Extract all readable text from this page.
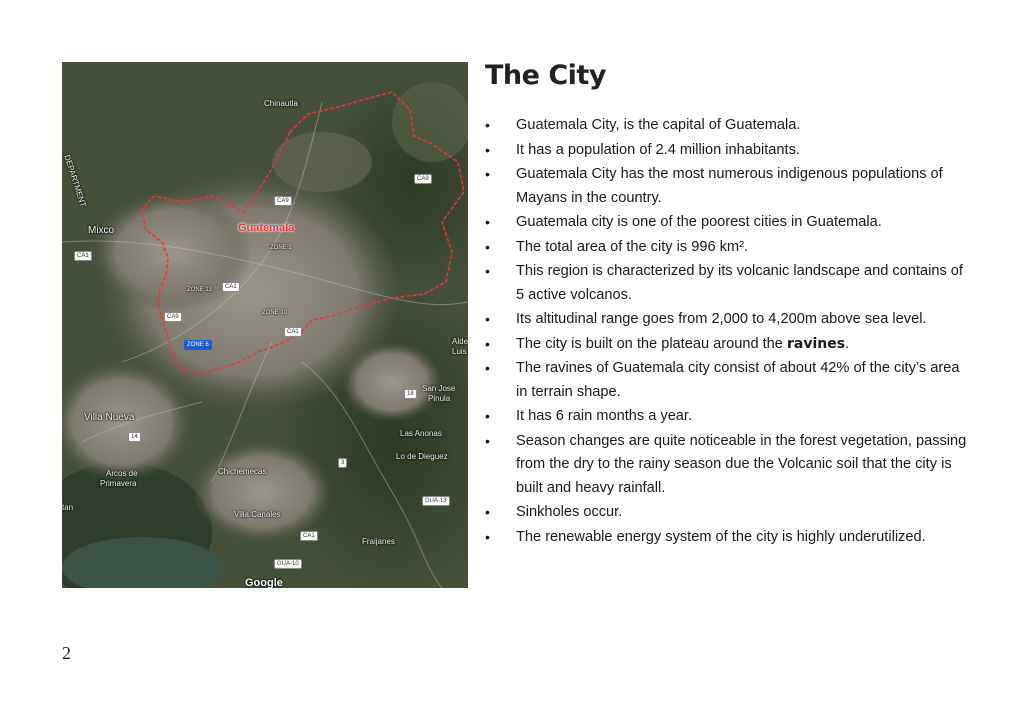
Chinautla
Mixco	Guatemala
ZONE 1
ZONE 13
ZONE 10
ZONE 6
Villa Nueva
Las Anonas
Lo de Dieguez
Chichemecas
Arcos de
Primavera
Villa Canales
Fraijanes
San Jose
Pinula
Alde
Luis
DEPARTMENT
tan
Google
CA9
CA9
CA9
CA1
CA1
CA1
CA1
14
18
3
GUA-13
GUA-10
The City
• Guatemala City, is the capital of Guatemala.
• It has a population of 2.4 million inhabitants.
• Guatemala City has the most numerous indigenous populations of Mayans in the country.
• Guatemala city is one of the poorest cities in Guatemala.
• The total area of the city is 996 km².
• This region is characterized by its volcanic landscape and contains of 5 active volcanos.
• Its altitudinal range goes from 2,000 to 4,200m above sea level.
• The city is built on the plateau around the ravines.
• The ravines of Guatemala city consist of about 42% of the city’s area in terrain shape.
• It has 6 rain months a year.
• Season changes are quite noticeable in the forest vegetation, passing from the dry to the rainy season due the Volcanic soil that the city is built and heavy rainfall.
• Sinkholes occur.
• The renewable energy system of the city is highly underutilized.
2
